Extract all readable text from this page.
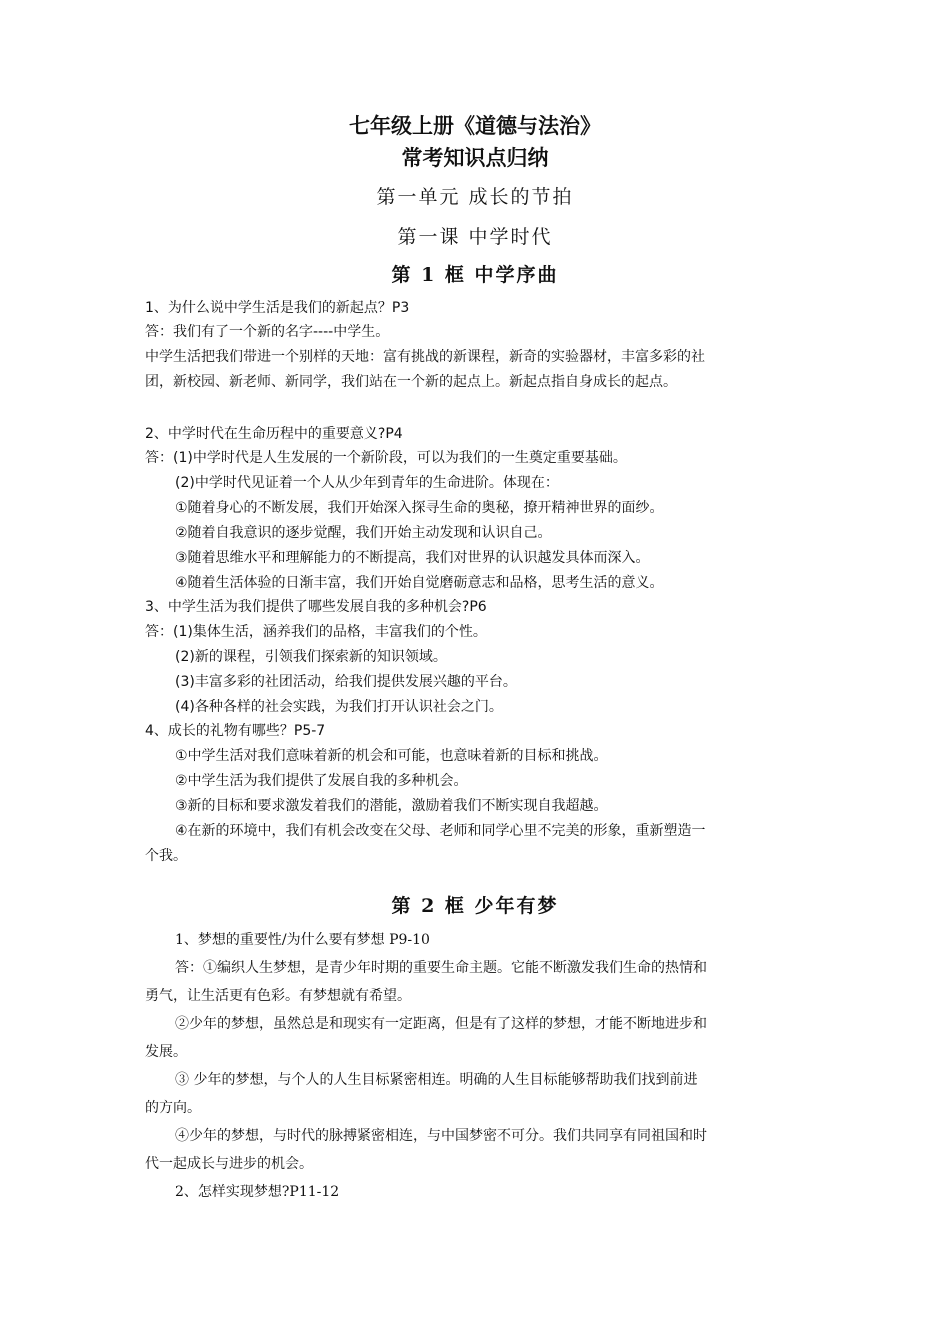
七年级上册《道德与法治》
常考知识点归纳
第一单元 成长的节拍
第一课 中学时代
第 1 框 中学序曲
1、为什么说中学生活是我们的新起点？P3
答：我们有了一个新的名字----中学生。
中学生活把我们带进一个别样的天地：富有挑战的新课程，新奇的实验器材，丰富多彩的社
团，新校园、新老师、新同学，我们站在一个新的起点上。新起点指自身成长的起点。
2、中学时代在生命历程中的重要意义?P4
答：(1)中学时代是人生发展的一个新阶段，可以为我们的一生奠定重要基础。
(2)中学时代见证着一个人从少年到青年的生命进阶。体现在：
①随着身心的不断发展，我们开始深入探寻生命的奥秘，撩开精神世界的面纱。
②随着自我意识的逐步觉醒，我们开始主动发现和认识自己。
③随着思维水平和理解能力的不断提高，我们对世界的认识越发具体而深入。
④随着生活体验的日渐丰富，我们开始自觉磨砺意志和品格，思考生活的意义。
3、中学生活为我们提供了哪些发展自我的多种机会?P6
答：(1)集体生活，涵养我们的品格，丰富我们的个性。
(2)新的课程，引领我们探索新的知识领域。
(3)丰富多彩的社团活动，给我们提供发展兴趣的平台。
(4)各种各样的社会实践，为我们打开认识社会之门。
4、成长的礼物有哪些？P5-7
①中学生活对我们意味着新的机会和可能，也意味着新的目标和挑战。
②中学生活为我们提供了发展自我的多种机会。
③新的目标和要求激发着我们的潜能，激励着我们不断实现自我超越。
④在新的环境中，我们有机会改变在父母、老师和同学心里不完美的形象，重新塑造一
个我。
第 2 框 少年有梦
1、梦想的重要性/为什么要有梦想 P9-10
答：①编织人生梦想，是青少年时期的重要生命主题。它能不断激发我们生命的热情和
勇气，让生活更有色彩。有梦想就有希望。
②少年的梦想，虽然总是和现实有一定距离，但是有了这样的梦想，才能不断地进步和
发展。
③ 少年的梦想，与个人的人生目标紧密相连。明确的人生目标能够帮助我们找到前进
的方向。
④少年的梦想，与时代的脉搏紧密相连，与中国梦密不可分。我们共同享有同祖国和时
代一起成长与进步的机会。
2、怎样实现梦想?P11-12
